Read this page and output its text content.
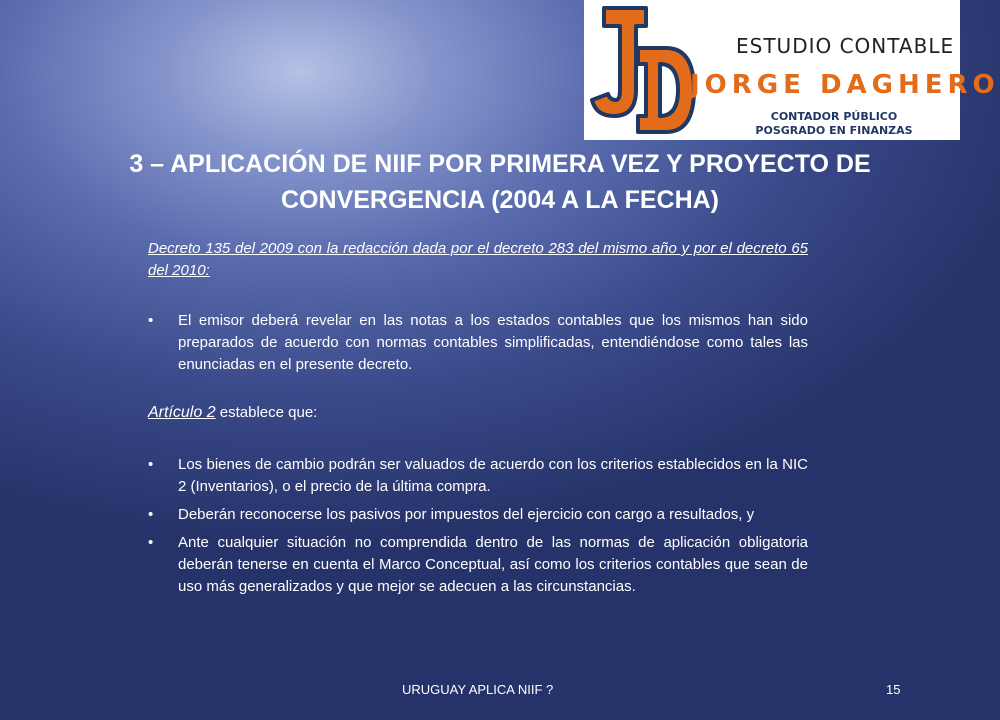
ESTUDIO CONTABLE
JORGE DAGHERO
CONTADOR PÚBLICO
POSGRADO EN FINANZAS
3 – APLICACIÓN DE NIIF POR PRIMERA VEZ Y PROYECTO DE CONVERGENCIA (2004 A LA FECHA)

Decreto 135 del 2009 con la redacción dada por el decreto 283 del mismo año y por el decreto 65 del 2010:

• El emisor deberá revelar en las notas a los estados contables que los mismos han sido preparados de acuerdo con normas contables simplificadas, entendiéndose como tales las enunciadas en el presente decreto.

Artículo 2 establece que:

• Los bienes de cambio podrán ser valuados de acuerdo con los criterios establecidos en la NIC 2 (Inventarios), o el precio de la última compra.

• Deberán reconocerse los pasivos por impuestos del ejercicio con cargo a resultados, y

• Ante cualquier situación no comprendida dentro de las normas de aplicación obligatoria deberán tenerse en cuenta el Marco Conceptual, así como los criterios contables que sean de uso más generalizados y que mejor se adecuen a las circunstancias.

URUGUAY APLICA NIIF ?	15
